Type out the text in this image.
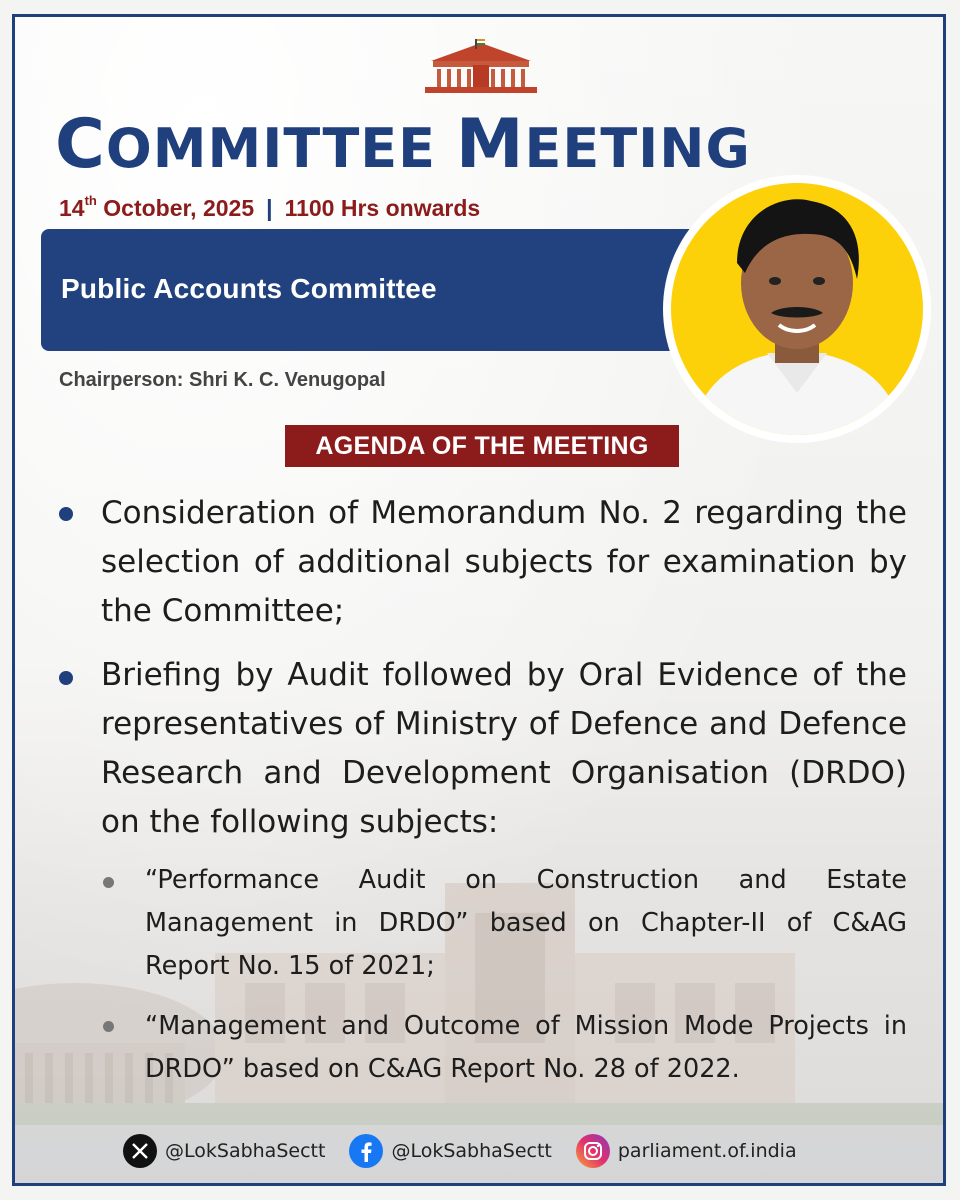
COMMITTEE MEETING
14th October, 2025 | 1100 Hrs onwards
Public Accounts Committee
Chairperson: Shri K. C. Venugopal
AGENDA OF THE MEETING
Consideration of Memorandum No. 2 regarding the selection of additional subjects for examination by the Committee;
Briefing by Audit followed by Oral Evidence of the representatives of Ministry of Defence and Defence Research and Development Organisation (DRDO) on the following subjects:
“Performance Audit on Construction and Estate Management in DRDO” based on Chapter-II of C&AG Report No. 15 of 2021;
“Management and Outcome of Mission Mode Projects in DRDO” based on C&AG Report No. 28 of 2022.
@LokSabhaSectt	@LokSabhaSectt	parliament.of.india
